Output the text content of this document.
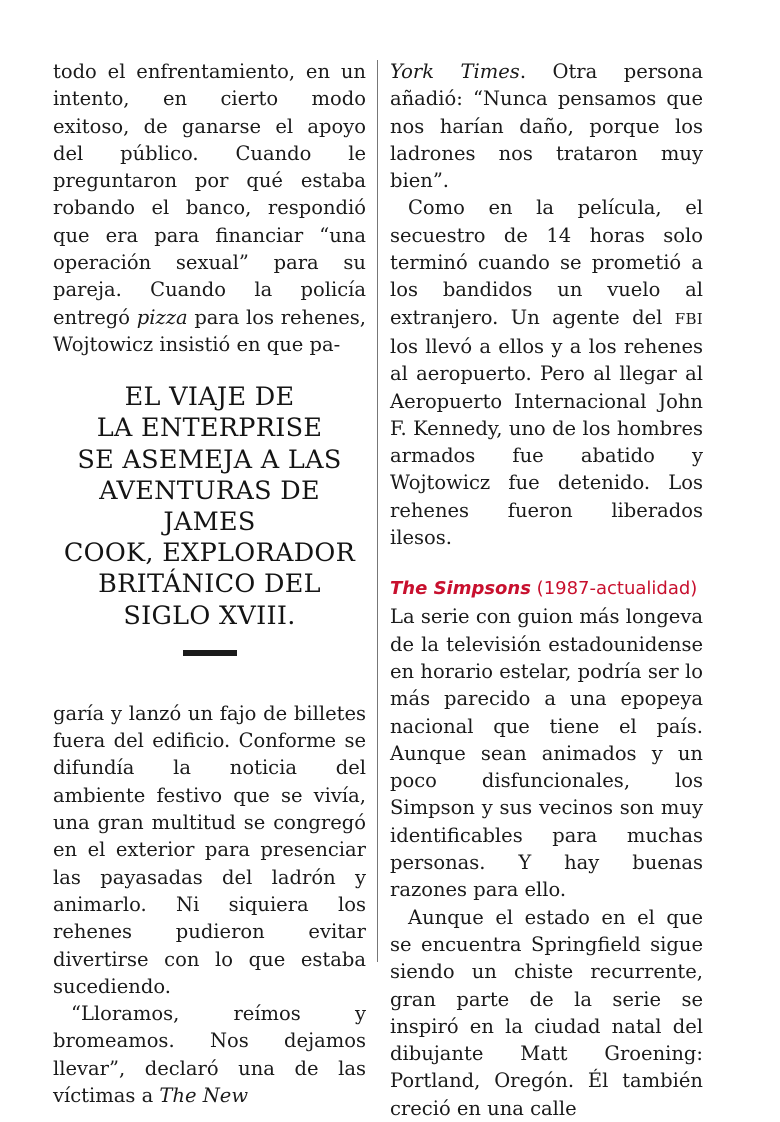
todo el enfrentamiento, en un intento, en cierto modo exitoso, de ganarse el apoyo del público. Cuando le preguntaron por qué estaba robando el banco, respondió que era para financiar “una operación sexual” para su pareja. Cuando la policía entregó pizza para los rehenes, Wojtowicz insistió en que pa-

EL VIAJE DE
LA ENTERPRISE
SE ASEMEJA A LAS
AVENTURAS DE JAMES
COOK, EXPLORADOR
BRITÁNICO DEL
SIGLO XVIII.

garía y lanzó un fajo de billetes fuera del edificio. Conforme se difundía la noticia del ambiente festivo que se vivía, una gran multitud se congregó en el exterior para presenciar las payasadas del ladrón y animarlo. Ni siquiera los rehenes pudieron evitar divertirse con lo que estaba sucediendo.

“Lloramos, reímos y bromeamos. Nos dejamos llevar”, declaró una de las víctimas a The New

York Times. Otra persona añadió: “Nunca pensamos que nos harían daño, porque los ladrones nos trataron muy bien”.

Como en la película, el secuestro de 14 horas solo terminó cuando se prometió a los bandidos un vuelo al extranjero. Un agente del FBI los llevó a ellos y a los rehenes al aeropuerto. Pero al llegar al Aeropuerto Internacional John F. Kennedy, uno de los hombres armados fue abatido y Wojtowicz fue detenido. Los rehenes fueron liberados ilesos.

The Simpsons (1987-actualidad)

La serie con guion más longeva de la televisión estadounidense en horario estelar, podría ser lo más parecido a una epopeya nacional que tiene el país. Aunque sean animados y un poco disfuncionales, los Simpson y sus vecinos son muy identificables para muchas personas. Y hay buenas razones para ello.

Aunque el estado en el que se encuentra Springfield sigue siendo un chiste recurrente, gran parte de la serie se inspiró en la ciudad natal del dibujante Matt Groening: Portland, Oregón. Él también creció en una calle
